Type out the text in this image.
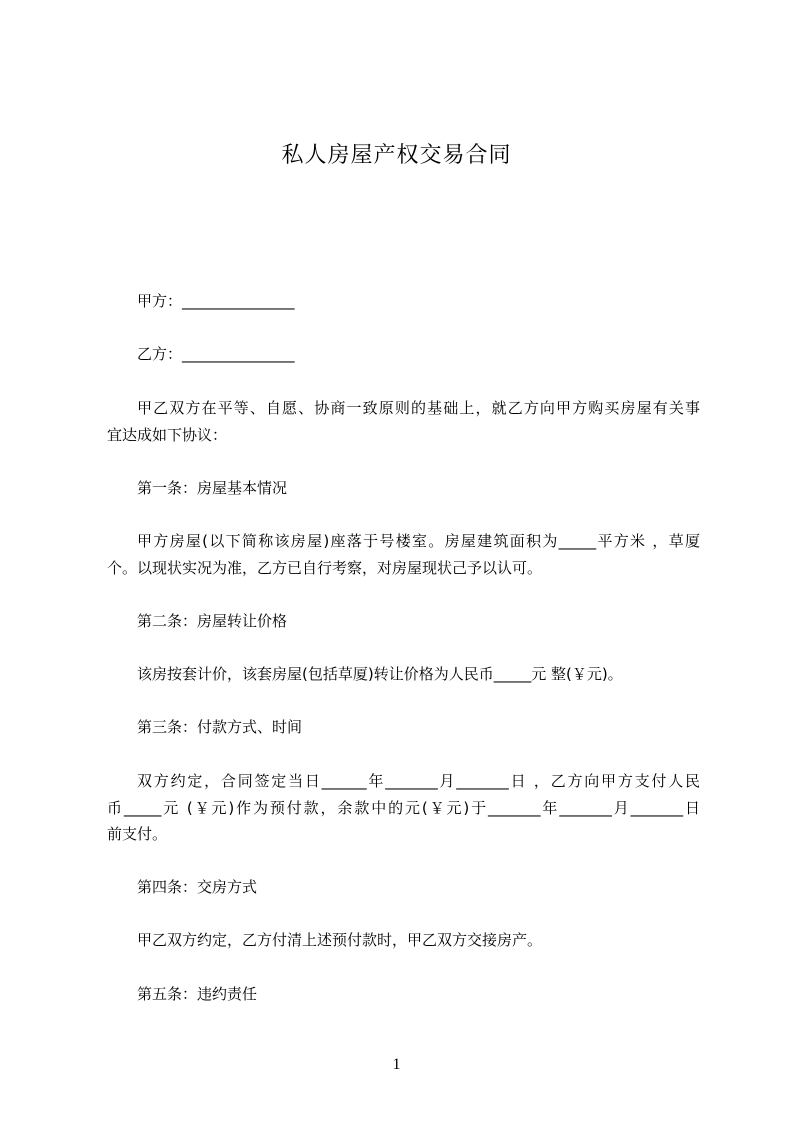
私人房屋产权交易合同
甲方：_______________
乙方：_______________
甲乙双方在平等、自愿、协商一致原则的基础上，就乙方向甲方购买房屋有关事
宜达成如下协议：
第一条：房屋基本情况
甲方房屋(以下简称该房屋)座落于号楼室。房屋建筑面积为_____平方米 ，草厦
个。以现状实况为准，乙方已自行考察，对房屋现状己予以认可。
第二条：房屋转让价格
该房按套计价，该套房屋(包括草厦)转让价格为人民币_____元 整(￥元)。
第三条：付款方式、时间
双方约定，合同签定当日______年_______月_______日 ，乙方向甲方支付人民
币_____元 (￥元)作为预付款，余款中的元(￥元)于_______年_______月_______日
前支付。
第四条：交房方式
甲乙双方约定，乙方付清上述预付款时，甲乙双方交接房产。
第五条：违约责任
1
